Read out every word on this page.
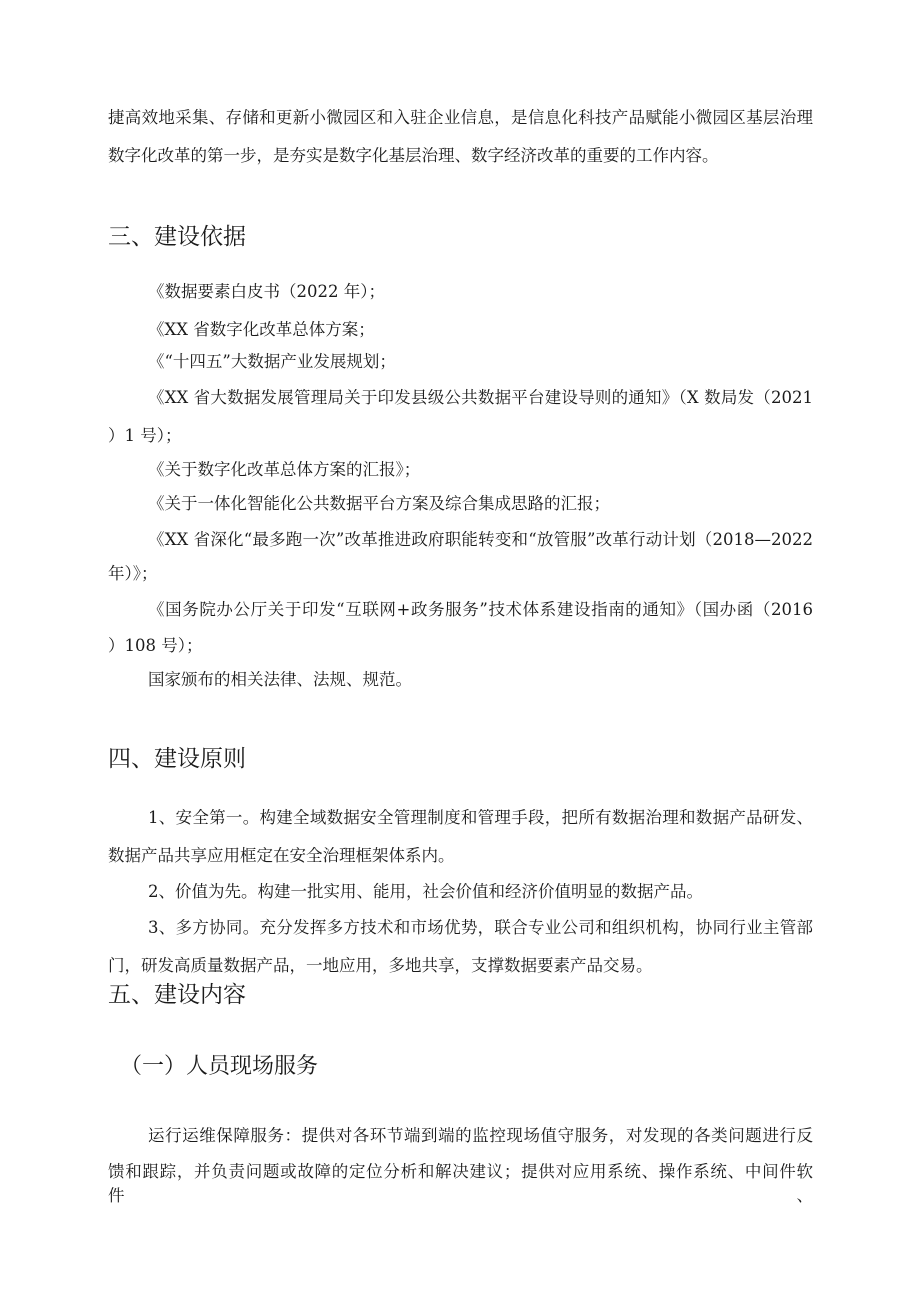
捷高效地采集、存储和更新小微园区和入驻企业信息，是信息化科技产品赋能小微园区基层治理
数字化改革的第一步，是夯实是数字化基层治理、数字经济改革的重要的工作内容。
三、建设依据
《数据要素白皮书（2022 年）；
《XX 省数字化改革总体方案；
《“十四五”大数据产业发展规划；
《XX 省大数据发展管理局关于印发县级公共数据平台建设导则的通知》（X 数局发（2021
）1 号）；
《关于数字化改革总体方案的汇报》；
《关于一体化智能化公共数据平台方案及综合集成思路的汇报；
《XX 省深化“最多跑一次”改革推进政府职能转变和“放管服”改革行动计划（2018—2022
年）》；
《国务院办公厅关于印发“互联网+政务服务”技术体系建设指南的通知》（国办函（2016
）108 号）；
国家颁布的相关法律、法规、规范。
四、建设原则
1、安全第一。构建全域数据安全管理制度和管理手段，把所有数据治理和数据产品研发、
数据产品共享应用框定在安全治理框架体系内。
2、价值为先。构建一批实用、能用，社会价值和经济价值明显的数据产品。
3、多方协同。充分发挥多方技术和市场优势，联合专业公司和组织机构，协同行业主管部
门，研发高质量数据产品，一地应用，多地共享，支撑数据要素产品交易。
五、建设内容
（一）人员现场服务
运行运维保障服务：提供对各环节端到端的监控现场值守服务，对发现的各类问题进行反
馈和跟踪，并负责问题或故障的定位分析和解决建议；提供对应用系统、操作系统、中间件软件、
